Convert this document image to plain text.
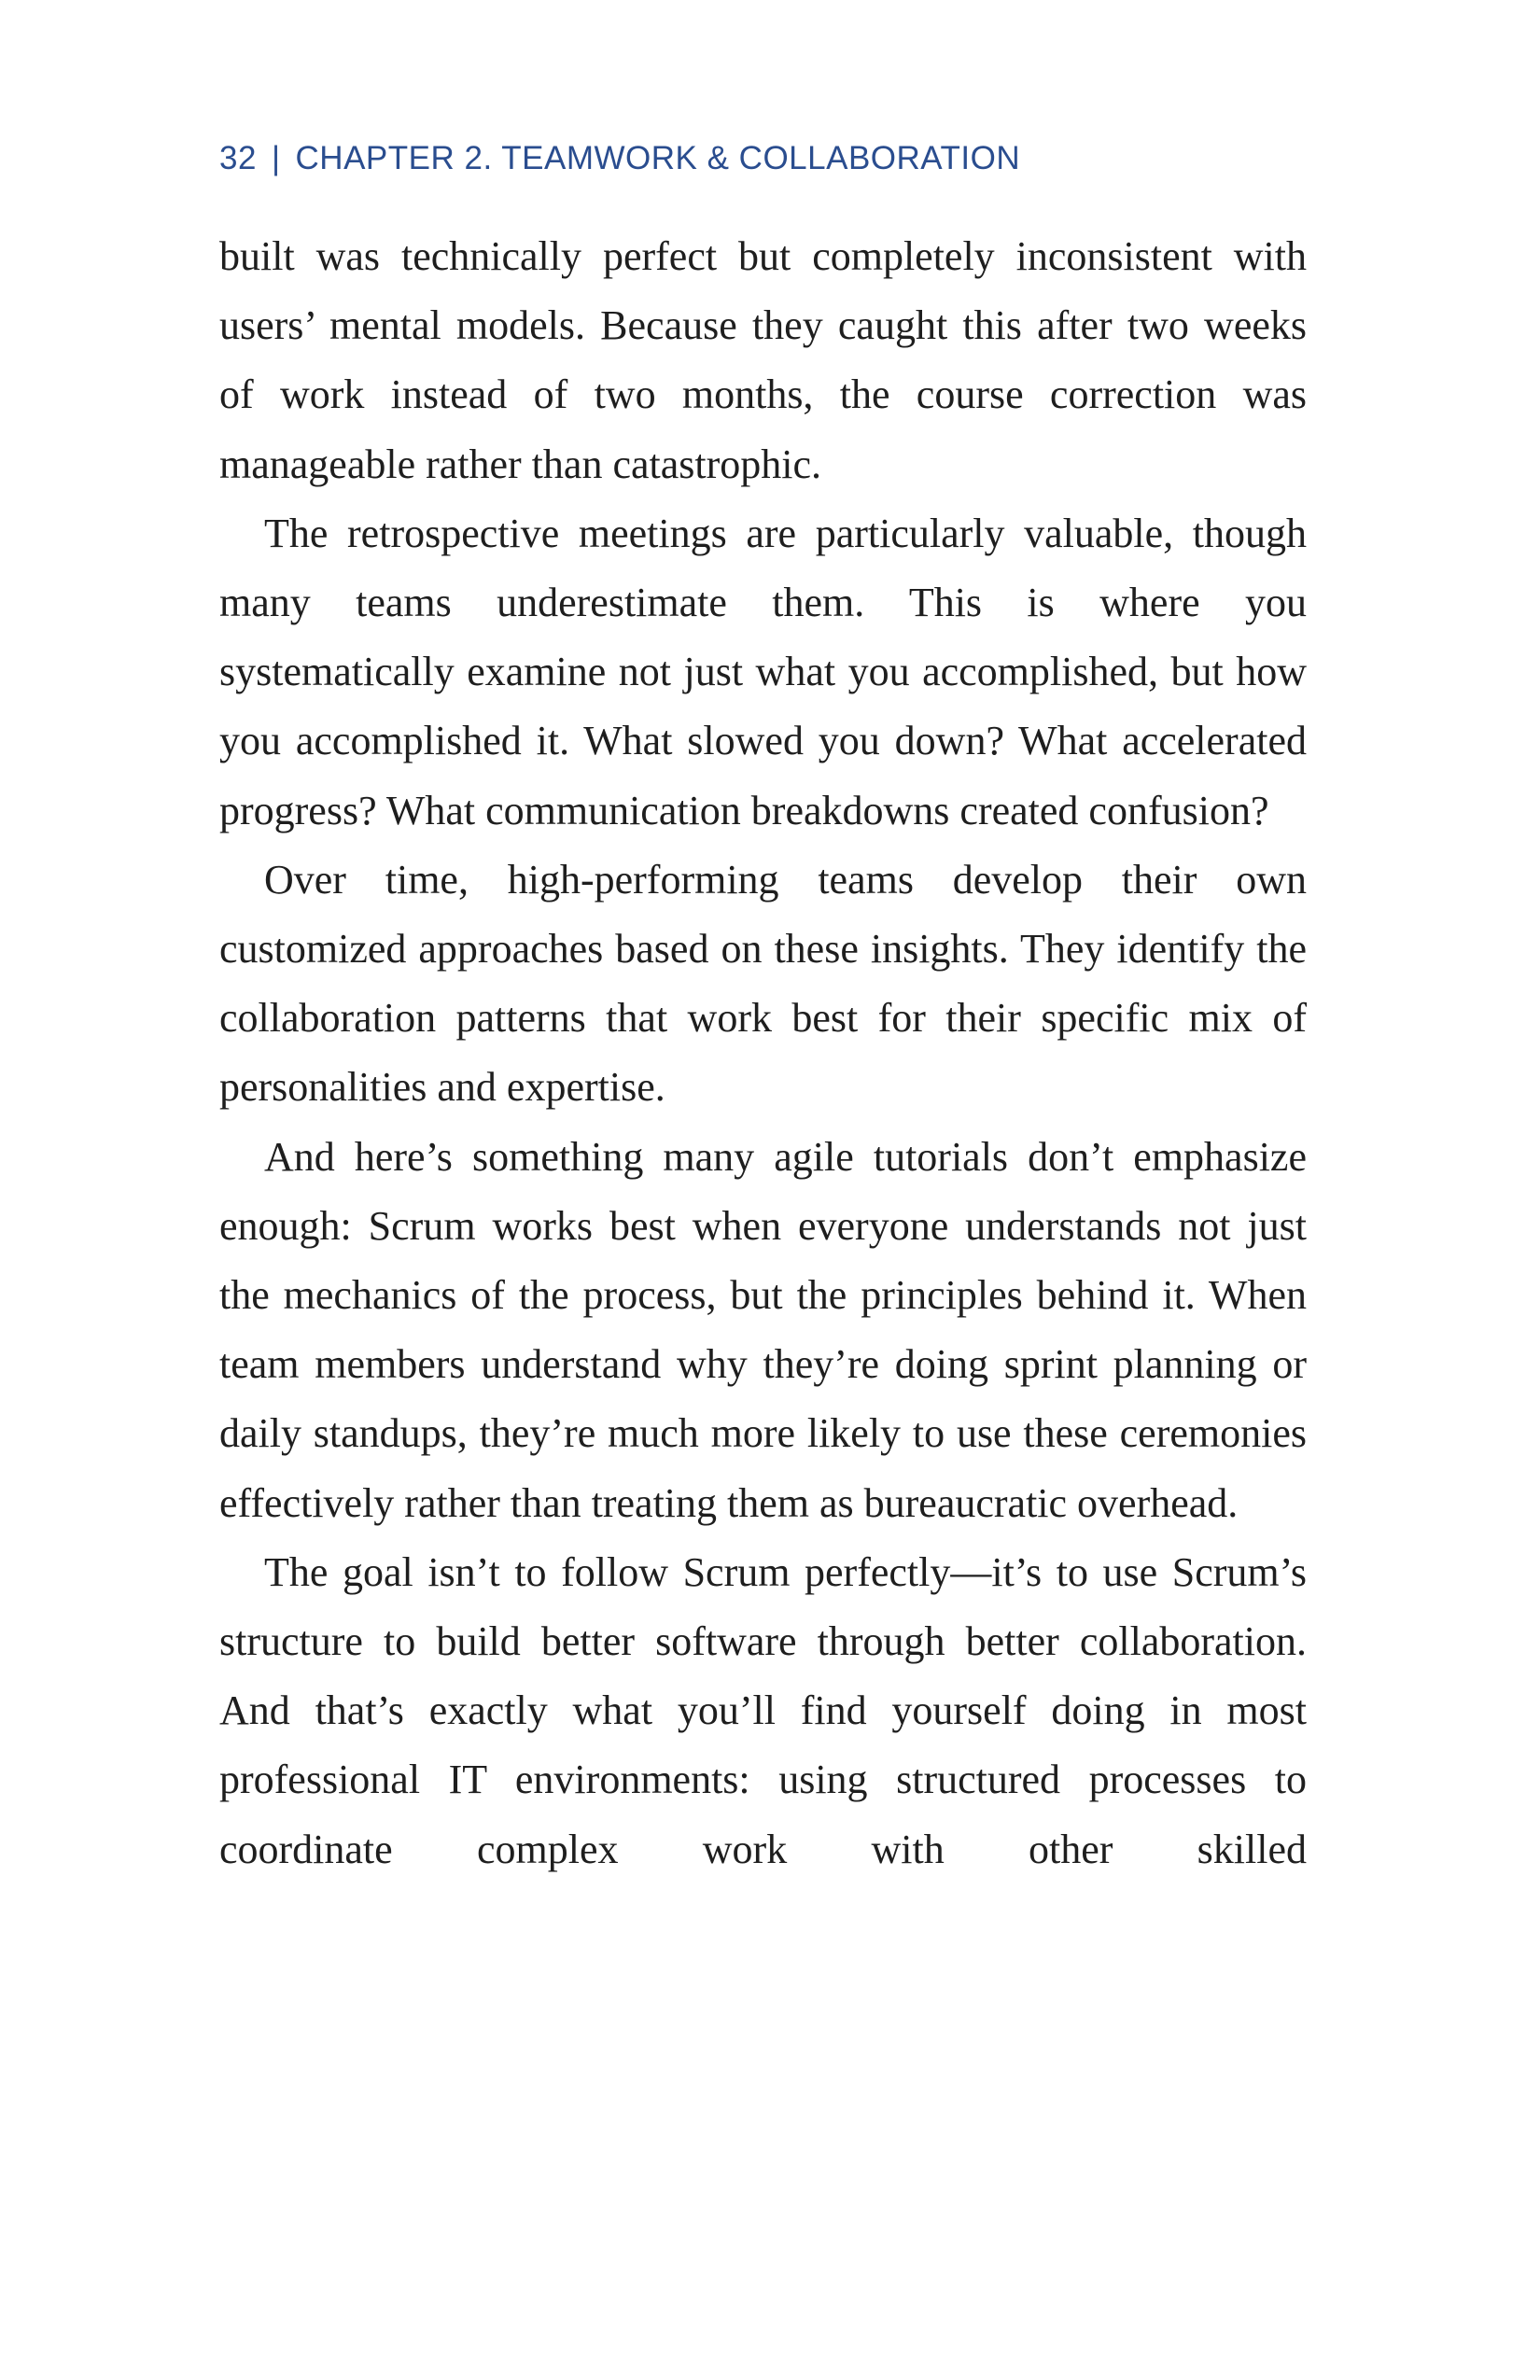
32 | CHAPTER 2. TEAMWORK & COLLABORATION

built was technically perfect but completely inconsistent with users’ mental models. Because they caught this after two weeks of work instead of two months, the course correction was manageable rather than catastrophic.

The retrospective meetings are particularly valuable, though many teams underestimate them. This is where you systematically examine not just what you accomplished, but how you accomplished it. What slowed you down? What accelerated progress? What communication breakdowns created confusion?

Over time, high-performing teams develop their own customized approaches based on these insights. They identify the collaboration patterns that work best for their specific mix of personalities and expertise.

And here’s something many agile tutorials don’t emphasize enough: Scrum works best when everyone understands not just the mechanics of the process, but the principles behind it. When team members understand why they’re doing sprint planning or daily standups, they’re much more likely to use these ceremonies effectively rather than treating them as bureaucratic overhead.

The goal isn’t to follow Scrum perfectly—it’s to use Scrum’s structure to build better software through better collaboration. And that’s exactly what you’ll find yourself doing in most professional IT environments: using structured processes to coordinate complex work with other skilled
